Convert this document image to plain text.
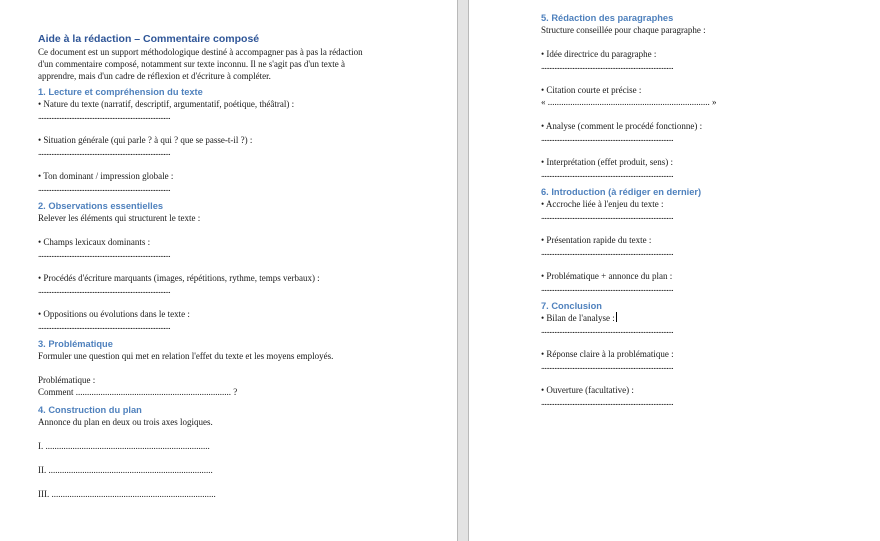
Aide à la rédaction – Commentaire composé

Ce document est un support méthodologique destiné à accompagner pas à pas la rédaction
d'un commentaire composé, notamment sur texte inconnu. Il ne s'agit pas d'un texte à
apprendre, mais d'un cadre de réflexion et d'écriture à compléter.

1. Lecture et compréhension du texte

• Nature du texte (narratif, descriptif, argumentatif, poétique, théâtral) :

................................................................................

• Situation générale (qui parle ? à qui ? que se passe-t-il ?) :

................................................................................

• Ton dominant / impression globale :

................................................................................

2. Observations essentielles

Relever les éléments qui structurent le texte :

• Champs lexicaux dominants :

................................................................................

• Procédés d'écriture marquants (images, répétitions, rythme, temps verbaux) :

................................................................................

• Oppositions ou évolutions dans le texte :

................................................................................

3. Problématique

Formuler une question qui met en relation l'effet du texte et les moyens employés.

Problématique :

Comment ..................................................................... ?

4. Construction du plan

Annonce du plan en deux ou trois axes logiques.

I. .........................................................................

II. .........................................................................

III. .........................................................................

5. Rédaction des paragraphes

Structure conseillée pour chaque paragraphe :

• Idée directrice du paragraphe :

................................................................................

• Citation courte et précise :

« ........................................................................ »

• Analyse (comment le procédé fonctionne) :

................................................................................

• Interprétation (effet produit, sens) :

................................................................................

6. Introduction (à rédiger en dernier)

• Accroche liée à l'enjeu du texte :

................................................................................

• Présentation rapide du texte :

................................................................................

• Problématique + annonce du plan :

................................................................................

7. Conclusion

• Bilan de l'analyse :

................................................................................

• Réponse claire à la problématique :

................................................................................

• Ouverture (facultative) :

................................................................................
